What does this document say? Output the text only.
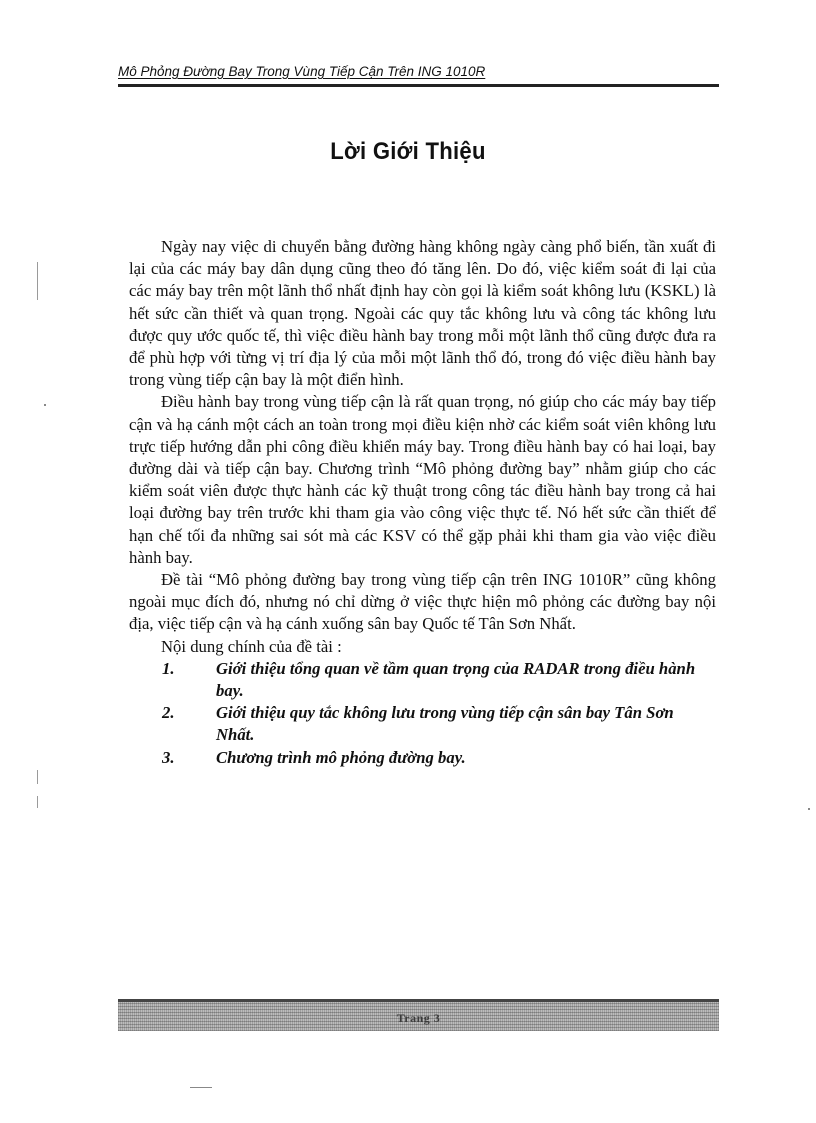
Mô Phỏng Đường Bay Trong Vùng Tiếp Cận Trên ING 1010R
Lời Giới Thiệu

Ngày nay việc di chuyển bằng đường hàng không ngày càng phổ biến, tần xuất đi lại của các máy bay dân dụng cũng theo đó tăng lên. Do đó, việc kiểm soát đi lại của các máy bay trên một lãnh thổ nhất định hay còn gọi là kiểm soát không lưu (KSKL) là hết sức cần thiết và quan trọng. Ngoài các quy tắc không lưu và công tác không lưu được quy ước quốc tế, thì việc điều hành bay trong mỗi một lãnh thổ cũng được đưa ra để phù hợp với từng vị trí địa lý của mỗi một lãnh thổ đó, trong đó việc điều hành bay trong vùng tiếp cận bay là một điển hình.

Điều hành bay trong vùng tiếp cận là rất quan trọng, nó giúp cho các máy bay tiếp cận và hạ cánh một cách an toàn trong mọi điều kiện nhờ các kiểm soát viên không lưu trực tiếp hướng dẫn phi công điều khiển máy bay. Trong điều hành bay có hai loại, bay đường dài và tiếp cận bay. Chương trình “Mô phỏng đường bay” nhằm giúp cho các kiểm soát viên được thực hành các kỹ thuật trong công tác điều hành bay trong cả hai loại đường bay trên trước khi tham gia vào công việc thực tế. Nó hết sức cần thiết để hạn chế tối đa những sai sót mà các KSV có thể gặp phải khi tham gia vào việc điều hành bay.

Đề tài “Mô phỏng đường bay trong vùng tiếp cận trên ING 1010R” cũng không ngoài mục đích đó, nhưng nó chỉ dừng ở việc thực hiện mô phỏng các đường bay nội địa, việc tiếp cận và hạ cánh xuống sân bay Quốc tế Tân Sơn Nhất.

Nội dung chính của đề tài :

1.	Giới thiệu tổng quan về tầm quan trọng của RADAR trong điều hành bay.
2.	Giới thiệu quy tắc không lưu trong vùng tiếp cận sân bay Tân Sơn Nhất.
3.	Chương trình mô phỏng đường bay.
Trang 3
